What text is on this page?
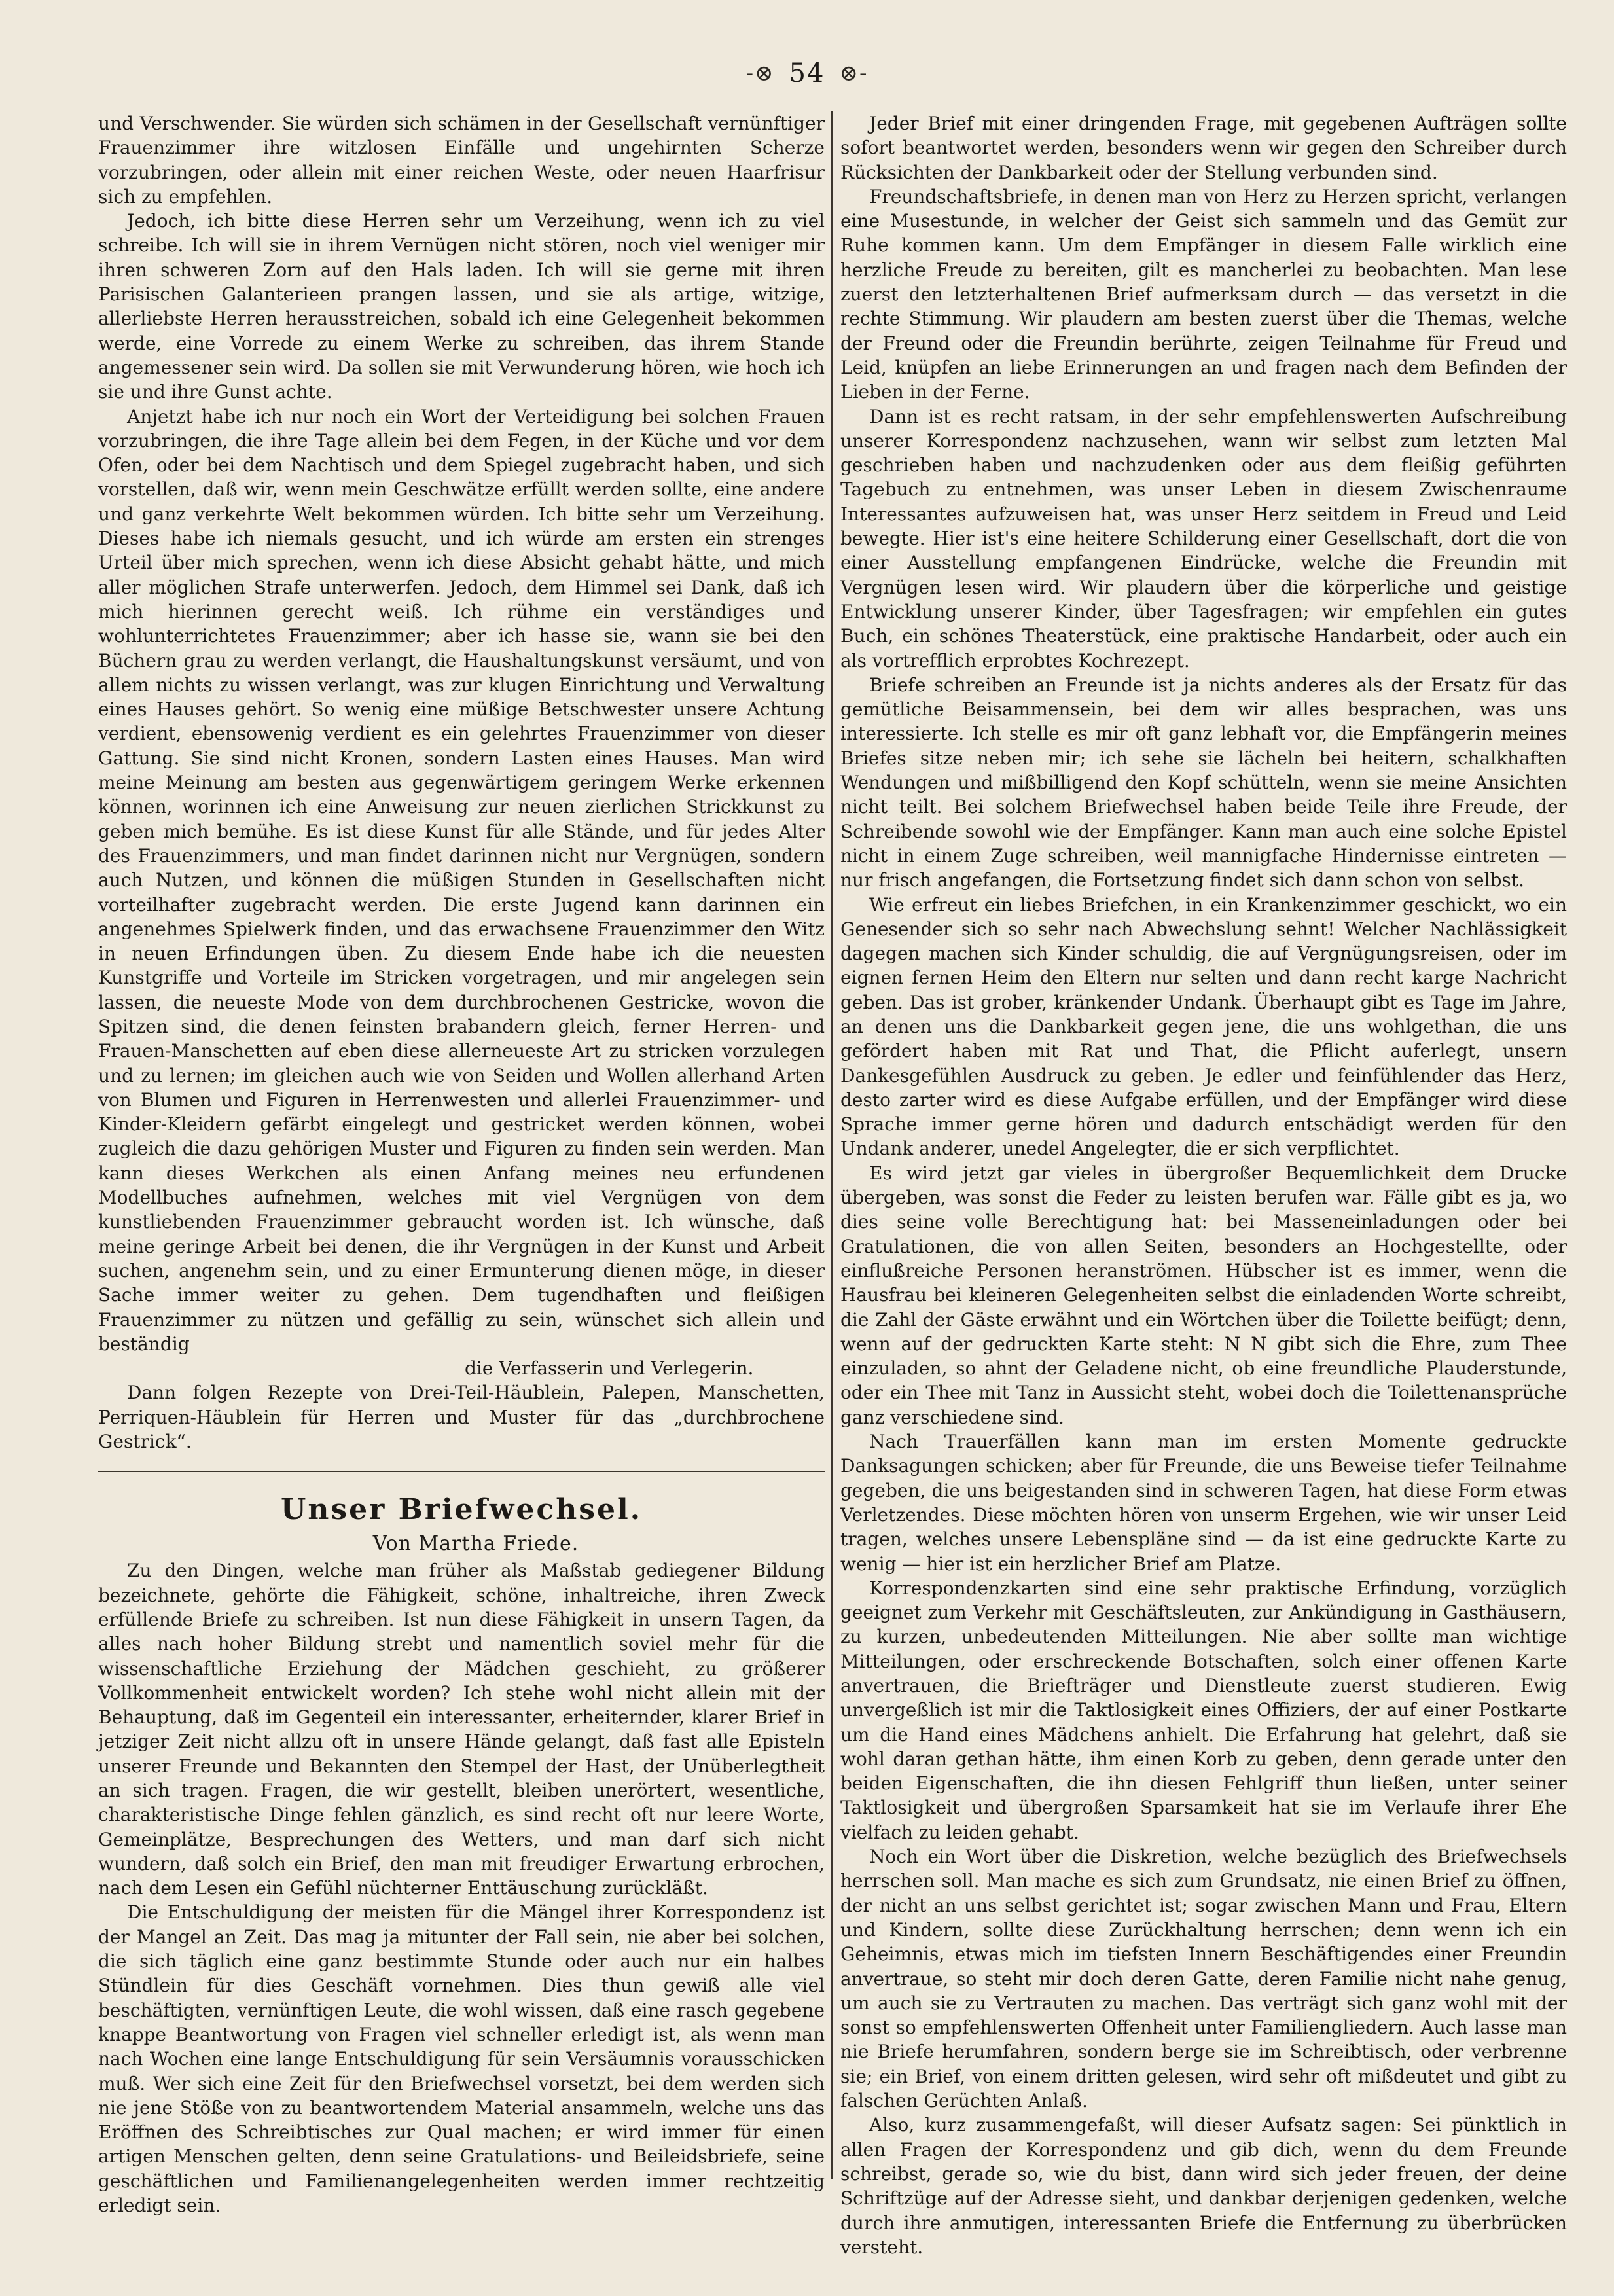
-⊗ 54 ⊗-

und Verschwender. Sie würden sich schämen in der Gesellschaft vernünftiger Frauenzimmer ihre witzlosen Einfälle und ungehirnten Scherze vorzubringen, oder allein mit einer reichen Weste, oder neuen Haarfrisur sich zu empfehlen.

Jedoch, ich bitte diese Herren sehr um Verzeihung, wenn ich zu viel schreibe. Ich will sie in ihrem Vernügen nicht stören, noch viel weniger mir ihren schweren Zorn auf den Hals laden. Ich will sie gerne mit ihren Parisischen Galanterieen prangen lassen, und sie als artige, witzige, allerliebste Herren herausstreichen, sobald ich eine Gelegenheit bekommen werde, eine Vorrede zu einem Werke zu schreiben, das ihrem Stande angemessener sein wird. Da sollen sie mit Verwunderung hören, wie hoch ich sie und ihre Gunst achte.

Anjetzt habe ich nur noch ein Wort der Verteidigung bei solchen Frauen vorzubringen, die ihre Tage allein bei dem Fegen, in der Küche und vor dem Ofen, oder bei dem Nachtisch und dem Spiegel zugebracht haben, und sich vorstellen, daß wir, wenn mein Geschwätze erfüllt werden sollte, eine andere und ganz verkehrte Welt bekommen würden. Ich bitte sehr um Verzeihung. Dieses habe ich niemals gesucht, und ich würde am ersten ein strenges Urteil über mich sprechen, wenn ich diese Absicht gehabt hätte, und mich aller möglichen Strafe unterwerfen. Jedoch, dem Himmel sei Dank, daß ich mich hierinnen gerecht weiß. Ich rühme ein verständiges und wohlunterrichtetes Frauenzimmer; aber ich hasse sie, wann sie bei den Büchern grau zu werden verlangt, die Haushaltungskunst versäumt, und von allem nichts zu wissen verlangt, was zur klugen Einrichtung und Verwaltung eines Hauses gehört. So wenig eine müßige Betschwester unsere Achtung verdient, ebensowenig verdient es ein gelehrtes Frauenzimmer von dieser Gattung. Sie sind nicht Kronen, sondern Lasten eines Hauses. Man wird meine Meinung am besten aus gegenwärtigem geringem Werke erkennen können, worinnen ich eine Anweisung zur neuen zierlichen Strickkunst zu geben mich bemühe. Es ist diese Kunst für alle Stände, und für jedes Alter des Frauenzimmers, und man findet darinnen nicht nur Vergnügen, sondern auch Nutzen, und können die müßigen Stunden in Gesellschaften nicht vorteilhafter zugebracht werden. Die erste Jugend kann darinnen ein angenehmes Spielwerk finden, und das erwachsene Frauenzimmer den Witz in neuen Erfindungen üben. Zu diesem Ende habe ich die neuesten Kunstgriffe und Vorteile im Stricken vorgetragen, und mir angelegen sein lassen, die neueste Mode von dem durchbrochenen Gestricke, wovon die Spitzen sind, die denen feinsten brabandern gleich, ferner Herren- und Frauen-Manschetten auf eben diese allerneueste Art zu stricken vorzulegen und zu lernen; im gleichen auch wie von Seiden und Wollen allerhand Arten von Blumen und Figuren in Herrenwesten und allerlei Frauenzimmer- und Kinder-Kleidern gefärbt eingelegt und gestricket werden können, wobei zugleich die dazu gehörigen Muster und Figuren zu finden sein werden. Man kann dieses Werkchen als einen Anfang meines neu erfundenen Modellbuches aufnehmen, welches mit viel Vergnügen von dem kunstliebenden Frauenzimmer gebraucht worden ist. Ich wünsche, daß meine geringe Arbeit bei denen, die ihr Vergnügen in der Kunst und Arbeit suchen, angenehm sein, und zu einer Ermunterung dienen möge, in dieser Sache immer weiter zu gehen. Dem tugendhaften und fleißigen Frauenzimmer zu nützen und gefällig zu sein, wünschet sich allein und beständig

die Verfasserin und Verlegerin.

Dann folgen Rezepte von Drei-Teil-Häublein, Palepen, Manschetten, Perriquen-Häublein für Herren und Muster für das „durchbrochene Gestrick“.

Unser Briefwechsel.

Von Martha Friede.

Zu den Dingen, welche man früher als Maßstab gediegener Bildung bezeichnete, gehörte die Fähigkeit, schöne, inhaltreiche, ihren Zweck erfüllende Briefe zu schreiben. Ist nun diese Fähigkeit in unsern Tagen, da alles nach hoher Bildung strebt und namentlich soviel mehr für die wissenschaftliche Erziehung der Mädchen geschieht, zu größerer Vollkommenheit entwickelt worden? Ich stehe wohl nicht allein mit der Behauptung, daß im Gegenteil ein interessanter, erheiternder, klarer Brief in jetziger Zeit nicht allzu oft in unsere Hände gelangt, daß fast alle Episteln unserer Freunde und Bekannten den Stempel der Hast, der Unüberlegtheit an sich tragen. Fragen, die wir gestellt, bleiben unerörtert, wesentliche, charakteristische Dinge fehlen gänzlich, es sind recht oft nur leere Worte, Gemeinplätze, Besprechungen des Wetters, und man darf sich nicht wundern, daß solch ein Brief, den man mit freudiger Erwartung erbrochen, nach dem Lesen ein Gefühl nüchterner Enttäuschung zurückläßt.

Die Entschuldigung der meisten für die Mängel ihrer Korrespondenz ist der Mangel an Zeit. Das mag ja mitunter der Fall sein, nie aber bei solchen, die sich täglich eine ganz bestimmte Stunde oder auch nur ein halbes Stündlein für dies Geschäft vornehmen. Dies thun gewiß alle viel beschäftigten, vernünftigen Leute, die wohl wissen, daß eine rasch gegebene knappe Beantwortung von Fragen viel schneller erledigt ist, als wenn man nach Wochen eine lange Entschuldigung für sein Versäumnis vorausschicken muß. Wer sich eine Zeit für den Briefwechsel vorsetzt, bei dem werden sich nie jene Stöße von zu beantwortendem Material ansammeln, welche uns das Eröffnen des Schreibtisches zur Qual machen; er wird immer für einen artigen Menschen gelten, denn seine Gratulations- und Beileidsbriefe, seine geschäftlichen und Familienangelegenheiten werden immer rechtzeitig erledigt sein.

Jeder Brief mit einer dringenden Frage, mit gegebenen Aufträgen sollte sofort beantwortet werden, besonders wenn wir gegen den Schreiber durch Rücksichten der Dankbarkeit oder der Stellung verbunden sind.

Freundschaftsbriefe, in denen man von Herz zu Herzen spricht, verlangen eine Musestunde, in welcher der Geist sich sammeln und das Gemüt zur Ruhe kommen kann. Um dem Empfänger in diesem Falle wirklich eine herzliche Freude zu bereiten, gilt es mancherlei zu beobachten. Man lese zuerst den letzterhaltenen Brief aufmerksam durch — das versetzt in die rechte Stimmung. Wir plaudern am besten zuerst über die Themas, welche der Freund oder die Freundin berührte, zeigen Teilnahme für Freud und Leid, knüpfen an liebe Erinnerungen an und fragen nach dem Befinden der Lieben in der Ferne.

Dann ist es recht ratsam, in der sehr empfehlenswerten Aufschreibung unserer Korrespondenz nachzusehen, wann wir selbst zum letzten Mal geschrieben haben und nachzudenken oder aus dem fleißig geführten Tagebuch zu entnehmen, was unser Leben in diesem Zwischenraume Interessantes aufzuweisen hat, was unser Herz seitdem in Freud und Leid bewegte. Hier ist's eine heitere Schilderung einer Gesellschaft, dort die von einer Ausstellung empfangenen Eindrücke, welche die Freundin mit Vergnügen lesen wird. Wir plaudern über die körperliche und geistige Entwicklung unserer Kinder, über Tagesfragen; wir empfehlen ein gutes Buch, ein schönes Theaterstück, eine praktische Handarbeit, oder auch ein als vortrefflich erprobtes Kochrezept.

Briefe schreiben an Freunde ist ja nichts anderes als der Ersatz für das gemütliche Beisammensein, bei dem wir alles besprachen, was uns interessierte. Ich stelle es mir oft ganz lebhaft vor, die Empfängerin meines Briefes sitze neben mir; ich sehe sie lächeln bei heitern, schalkhaften Wendungen und mißbilligend den Kopf schütteln, wenn sie meine Ansichten nicht teilt. Bei solchem Briefwechsel haben beide Teile ihre Freude, der Schreibende sowohl wie der Empfänger. Kann man auch eine solche Epistel nicht in einem Zuge schreiben, weil mannigfache Hindernisse eintreten — nur frisch angefangen, die Fortsetzung findet sich dann schon von selbst.

Wie erfreut ein liebes Briefchen, in ein Krankenzimmer geschickt, wo ein Genesender sich so sehr nach Abwechslung sehnt! Welcher Nachlässigkeit dagegen machen sich Kinder schuldig, die auf Vergnügungsreisen, oder im eignen fernen Heim den Eltern nur selten und dann recht karge Nachricht geben. Das ist grober, kränkender Undank. Überhaupt gibt es Tage im Jahre, an denen uns die Dankbarkeit gegen jene, die uns wohlgethan, die uns gefördert haben mit Rat und That, die Pflicht auferlegt, unsern Dankesgefühlen Ausdruck zu geben. Je edler und feinfühlender das Herz, desto zarter wird es diese Aufgabe erfüllen, und der Empfänger wird diese Sprache immer gerne hören und dadurch entschädigt werden für den Undank anderer, unedel Angelegter, die er sich verpflichtet.

Es wird jetzt gar vieles in übergroßer Bequemlichkeit dem Drucke übergeben, was sonst die Feder zu leisten berufen war. Fälle gibt es ja, wo dies seine volle Berechtigung hat: bei Masseneinladungen oder bei Gratulationen, die von allen Seiten, besonders an Hochgestellte, oder einflußreiche Personen heranströmen. Hübscher ist es immer, wenn die Hausfrau bei kleineren Gelegenheiten selbst die einladenden Worte schreibt, die Zahl der Gäste erwähnt und ein Wörtchen über die Toilette beifügt; denn, wenn auf der gedruckten Karte steht: N N gibt sich die Ehre, zum Thee einzuladen, so ahnt der Geladene nicht, ob eine freundliche Plauderstunde, oder ein Thee mit Tanz in Aussicht steht, wobei doch die Toilettenansprüche ganz verschiedene sind.

Nach Trauerfällen kann man im ersten Momente gedruckte Danksagungen schicken; aber für Freunde, die uns Beweise tiefer Teilnahme gegeben, die uns beigestanden sind in schweren Tagen, hat diese Form etwas Verletzendes. Diese möchten hören von unserm Ergehen, wie wir unser Leid tragen, welches unsere Lebenspläne sind — da ist eine gedruckte Karte zu wenig — hier ist ein herzlicher Brief am Platze.

Korrespondenzkarten sind eine sehr praktische Erfindung, vorzüglich geeignet zum Verkehr mit Geschäftsleuten, zur Ankündigung in Gasthäusern, zu kurzen, unbedeutenden Mitteilungen. Nie aber sollte man wichtige Mitteilungen, oder erschreckende Botschaften, solch einer offenen Karte anvertrauen, die Briefträger und Dienstleute zuerst studieren. Ewig unvergeßlich ist mir die Taktlosigkeit eines Offiziers, der auf einer Postkarte um die Hand eines Mädchens anhielt. Die Erfahrung hat gelehrt, daß sie wohl daran gethan hätte, ihm einen Korb zu geben, denn gerade unter den beiden Eigenschaften, die ihn diesen Fehlgriff thun ließen, unter seiner Taktlosigkeit und übergroßen Sparsamkeit hat sie im Verlaufe ihrer Ehe vielfach zu leiden gehabt.

Noch ein Wort über die Diskretion, welche bezüglich des Briefwechsels herrschen soll. Man mache es sich zum Grundsatz, nie einen Brief zu öffnen, der nicht an uns selbst gerichtet ist; sogar zwischen Mann und Frau, Eltern und Kindern, sollte diese Zurückhaltung herrschen; denn wenn ich ein Geheimnis, etwas mich im tiefsten Innern Beschäftigendes einer Freundin anvertraue, so steht mir doch deren Gatte, deren Familie nicht nahe genug, um auch sie zu Vertrauten zu machen. Das verträgt sich ganz wohl mit der sonst so empfehlenswerten Offenheit unter Familiengliedern. Auch lasse man nie Briefe herumfahren, sondern berge sie im Schreibtisch, oder verbrenne sie; ein Brief, von einem dritten gelesen, wird sehr oft mißdeutet und gibt zu falschen Gerüchten Anlaß.

Also, kurz zusammengefaßt, will dieser Aufsatz sagen: Sei pünktlich in allen Fragen der Korrespondenz und gib dich, wenn du dem Freunde schreibst, gerade so, wie du bist, dann wird sich jeder freuen, der deine Schriftzüge auf der Adresse sieht, und dankbar derjenigen gedenken, welche durch ihre anmutigen, interessanten Briefe die Entfernung zu überbrücken versteht.
